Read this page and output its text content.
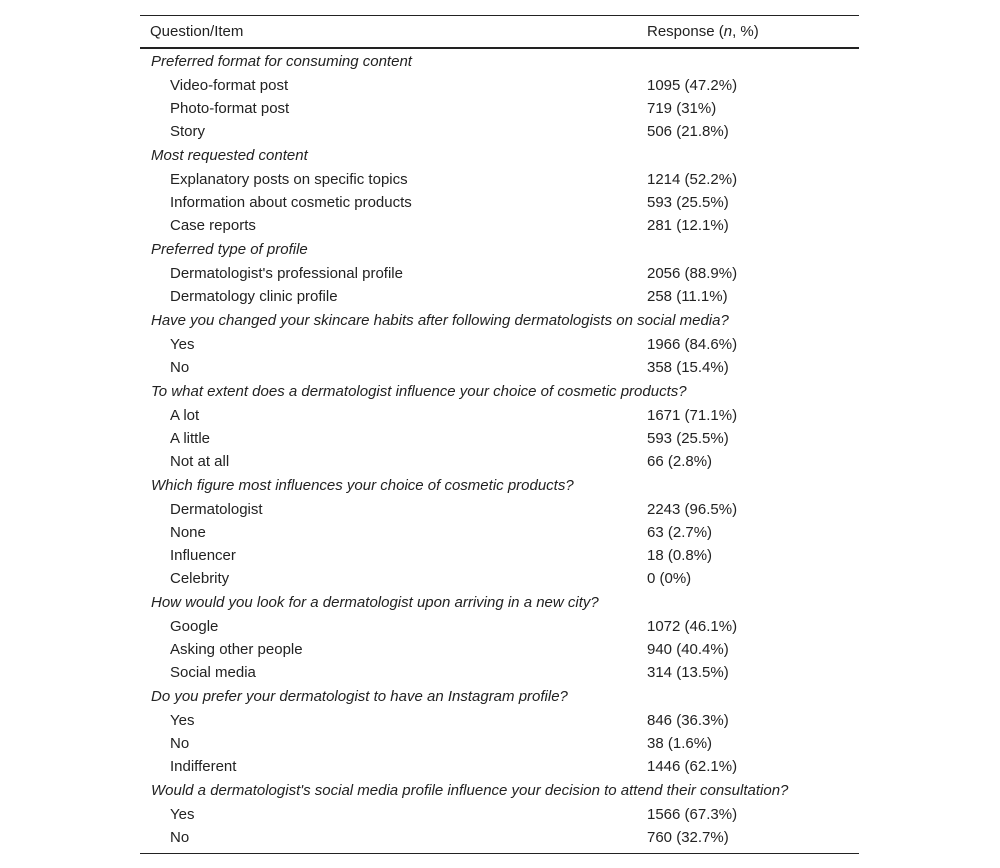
Question/Item	Response (n, %)
Preferred format for consuming content
Video-format post	1095 (47.2%)
Photo-format post	719 (31%)
Story	506 (21.8%)
Most requested content
Explanatory posts on specific topics	1214 (52.2%)
Information about cosmetic products	593 (25.5%)
Case reports	281 (12.1%)
Preferred type of profile
Dermatologist's professional profile	2056 (88.9%)
Dermatology clinic profile	258 (11.1%)
Have you changed your skincare habits after following dermatologists on social media?
Yes	1966 (84.6%)
No	358 (15.4%)
To what extent does a dermatologist influence your choice of cosmetic products?
A lot	1671 (71.1%)
A little	593 (25.5%)
Not at all	66 (2.8%)
Which figure most influences your choice of cosmetic products?
Dermatologist	2243 (96.5%)
None	63 (2.7%)
Influencer	18 (0.8%)
Celebrity	0 (0%)
How would you look for a dermatologist upon arriving in a new city?
Google	1072 (46.1%)
Asking other people	940 (40.4%)
Social media	314 (13.5%)
Do you prefer your dermatologist to have an Instagram profile?
Yes	846 (36.3%)
No	38 (1.6%)
Indifferent	1446 (62.1%)
Would a dermatologist's social media profile influence your decision to attend their consultation?
Yes	1566 (67.3%)
No	760 (32.7%)
